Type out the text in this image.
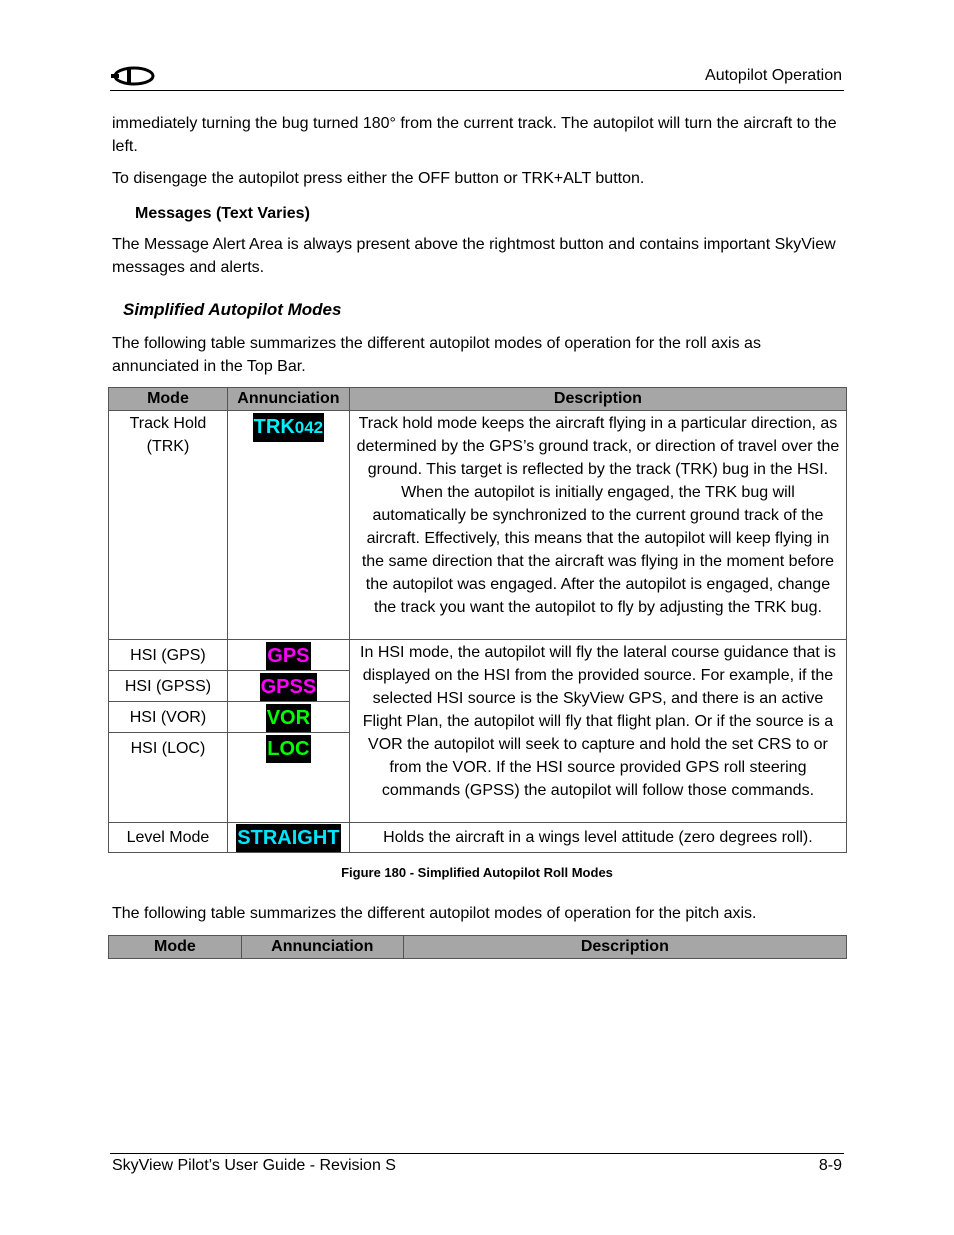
Autopilot Operation
immediately turning the bug turned 180° from the current track. The autopilot will turn the aircraft to the left.
To disengage the autopilot press either the OFF button or TRK+ALT button.
Messages (Text Varies)
The Message Alert Area is always present above the rightmost button and contains important SkyView messages and alerts.
Simplified Autopilot Modes
The following table summarizes the different autopilot modes of operation for the roll axis as annunciated in the Top Bar.
Mode	Annunciation	Description
Track Hold (TRK)	TRK042	Track hold mode keeps the aircraft flying in a particular direction, as determined by the GPS’s ground track, or direction of travel over the ground. This target is reflected by the track (TRK) bug in the HSI. When the autopilot is initially engaged, the TRK bug will automatically be synchronized to the current ground track of the aircraft. Effectively, this means that the autopilot will keep flying in the same direction that the aircraft was flying in the moment before the autopilot was engaged. After the autopilot is engaged, change the track you want the autopilot to fly by adjusting the TRK bug.
HSI (GPS)	GPS	In HSI mode, the autopilot will fly the lateral course guidance that is displayed on the HSI from the provided source. For example, if the selected HSI source is the SkyView GPS, and there is an active Flight Plan, the autopilot will fly that flight plan. Or if the source is a VOR the autopilot will seek to capture and hold the set CRS to or from the VOR. If the HSI source provided GPS roll steering commands (GPSS) the autopilot will follow those commands.
HSI (GPSS)	GPSS	
HSI (VOR)	VOR	
HSI (LOC)	LOC	
Level Mode	STRAIGHT	Holds the aircraft in a wings level attitude (zero degrees roll).
Figure 180 - Simplified Autopilot Roll Modes
The following table summarizes the different autopilot modes of operation for the pitch axis.
Mode	Annunciation	Description
SkyView Pilot’s User Guide - Revision S	8-9
